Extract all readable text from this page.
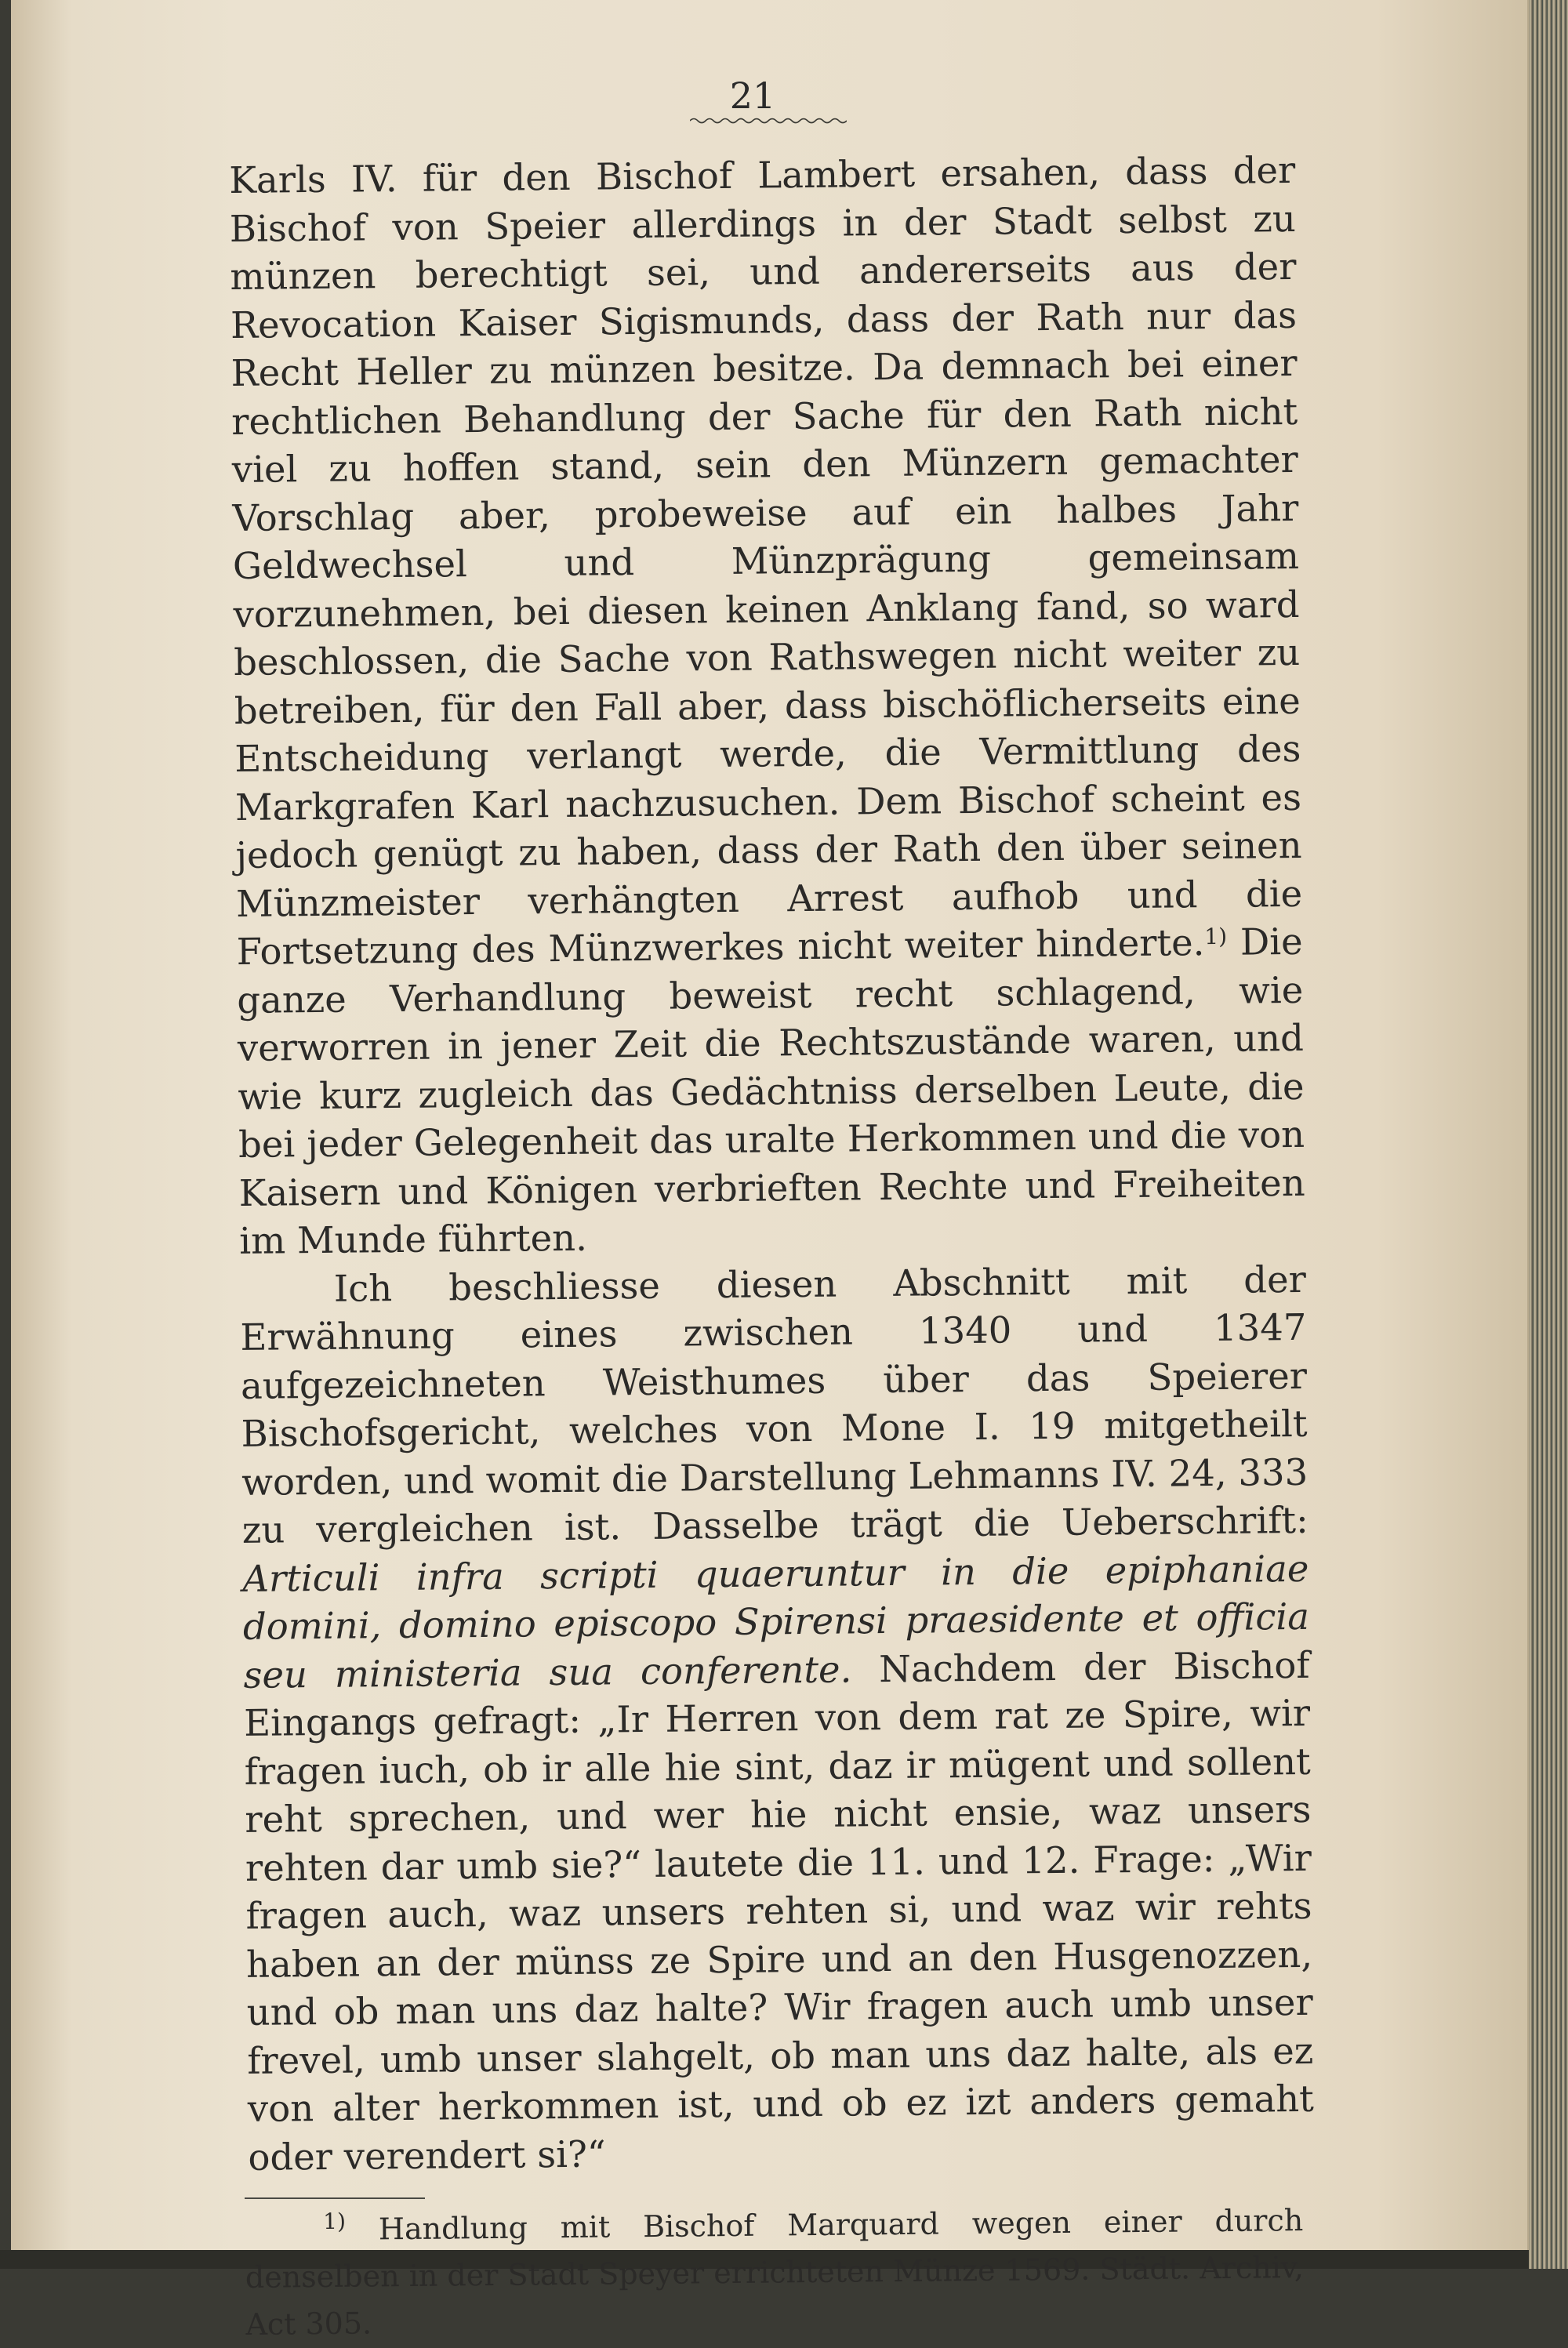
21

Karls IV. für den Bischof Lambert ersahen, dass der Bischof von Speier allerdings in der Stadt selbst zu münzen berechtigt sei, und andererseits aus der Revocation Kaiser Sigismunds, dass der Rath nur das Recht Heller zu münzen besitze. Da demnach bei einer rechtlichen Behandlung der Sache für den Rath nicht viel zu hoffen stand, sein den Münzern gemachter Vorschlag aber, probeweise auf ein halbes Jahr Geldwechsel und Münzprägung gemeinsam vorzunehmen, bei diesen keinen Anklang fand, so ward beschlossen, die Sache von Rathswegen nicht weiter zu betreiben, für den Fall aber, dass bischöflicherseits eine Entscheidung verlangt werde, die Vermittlung des Markgrafen Karl nachzusuchen. Dem Bischof scheint es jedoch genügt zu haben, dass der Rath den über seinen Münzmeister verhängten Arrest aufhob und die Fortsetzung des Münzwerkes nicht weiter hinderte.$^{1)}$ Die ganze Verhandlung beweist recht schlagend, wie verworren in jener Zeit die Rechtszustände waren, und wie kurz zugleich das Gedächtniss derselben Leute, die bei jeder Gelegenheit das uralte Herkommen und die von Kaisern und Königen verbrieften Rechte und Freiheiten im Munde führten.

Ich beschliesse diesen Abschnitt mit der Erwähnung eines zwischen 1340 und 1347 aufgezeichneten Weisthumes über das Speierer Bischofsgericht, welches von Mone I. 19 mitgetheilt worden, und womit die Darstellung Lehmanns IV. 24, 333 zu vergleichen ist. Dasselbe trägt die Ueberschrift: Articuli infra scripti quaeruntur in die epiphaniae domini, domino episcopo Spirensi praesidente et officia seu ministeria sua conferente. Nachdem der Bischof Eingangs gefragt: „Ir Herren von dem rat ze Spire, wir fragen iuch, ob ir alle hie sint, daz ir mügent und sollent reht sprechen, und wer hie nicht ensie, waz unsers rehten dar umb sie?“ lautete die 11. und 12. Frage: „Wir fragen auch, waz unsers rehten si, und waz wir rehts haben an der münss ze Spire und an den Husgenozzen, und ob man uns daz halte? Wir fragen auch umb unser frevel, umb unser slahgelt, ob man uns daz halte, als ez von alter herkommen ist, und ob ez izt anders gemaht oder verendert si?“

$^{1)}$ Handlung mit Bischof Marquard wegen einer durch denselben in der Stadt Speyer errichteten Münze 1569. Städt. Archiv, Act 305.
